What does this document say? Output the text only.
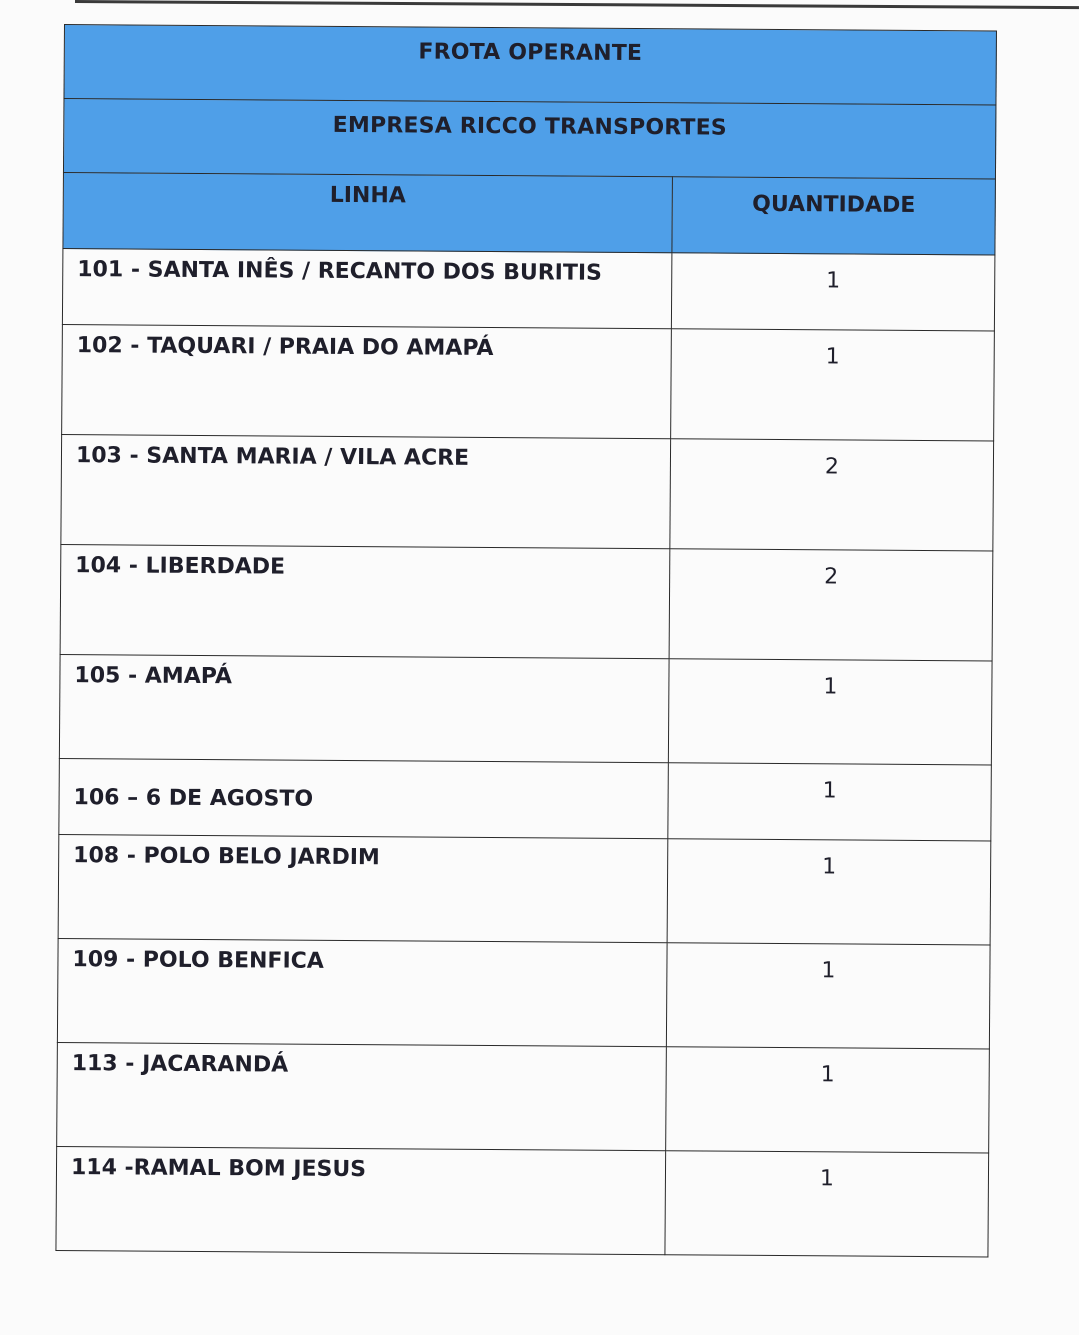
FROTA OPERANTE	
EMPRESA RICCO TRANSPORTES	
LINHA	QUANTIDADE
101 - SANTA INÊS / RECANTO DOS BURITIS	1
102 - TAQUARI / PRAIA DO AMAPÁ	1
103 - SANTA MARIA / VILA ACRE	2
104 - LIBERDADE	2
105 - AMAPÁ	1
106 – 6 DE AGOSTO	1
108 - POLO BELO JARDIM	1
109 - POLO BENFICA	1
113 - JACARANDÁ	1
114 -RAMAL BOM JESUS	1
